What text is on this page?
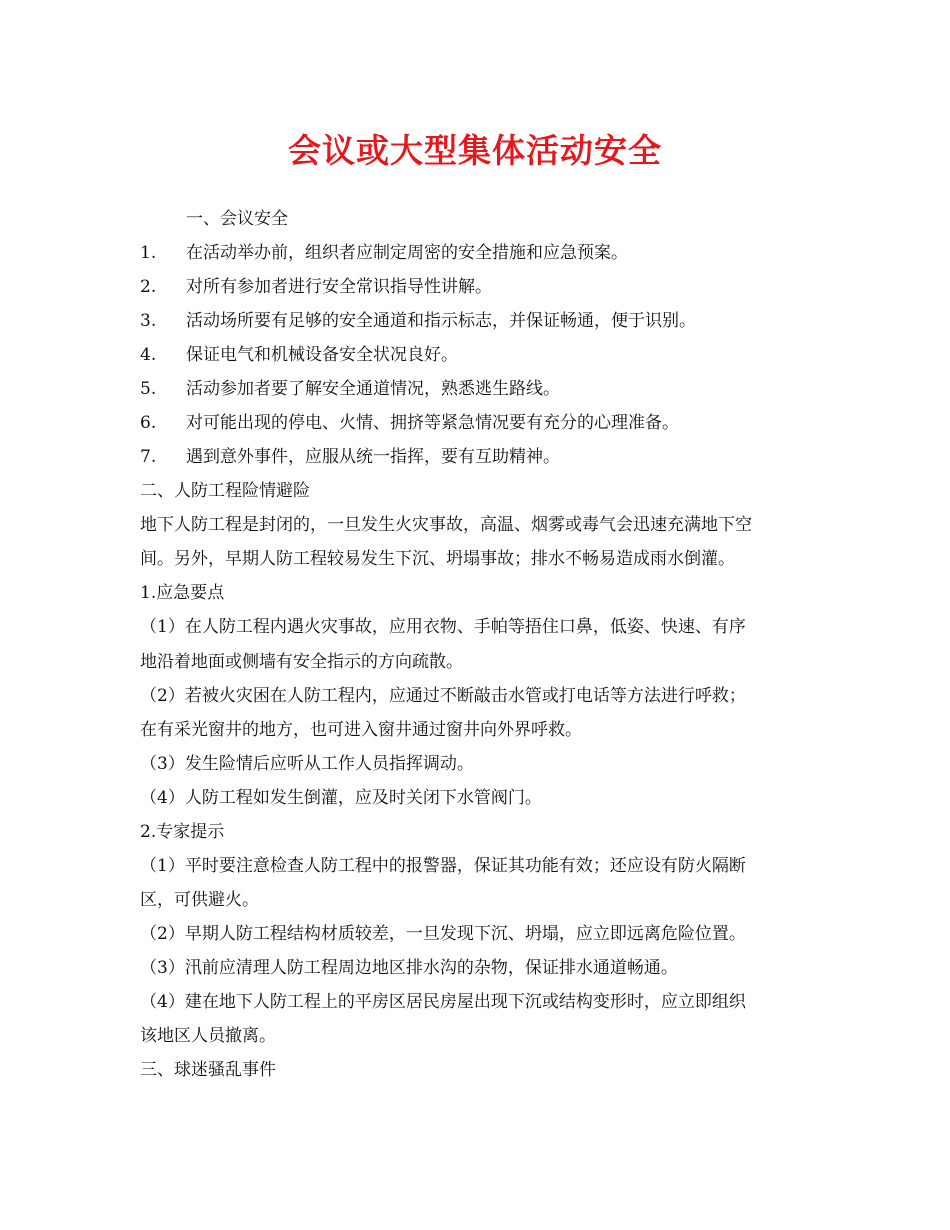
会议或大型集体活动安全
一、会议安全
1. 在活动举办前，组织者应制定周密的安全措施和应急预案。
2. 对所有参加者进行安全常识指导性讲解。
3. 活动场所要有足够的安全通道和指示标志，并保证畅通，便于识别。
4. 保证电气和机械设备安全状况良好。
5. 活动参加者要了解安全通道情况，熟悉逃生路线。
6. 对可能出现的停电、火情、拥挤等紧急情况要有充分的心理准备。
7. 遇到意外事件，应服从统一指挥，要有互助精神。
二、人防工程险情避险
地下人防工程是封闭的，一旦发生火灾事故，高温、烟雾或毒气会迅速充满地下空
间。另外，早期人防工程较易发生下沉、坍塌事故；排水不畅易造成雨水倒灌。
1.应急要点
（1）在人防工程内遇火灾事故，应用衣物、手帕等捂住口鼻，低姿、快速、有序
地沿着地面或侧墙有安全指示的方向疏散。
（2）若被火灾困在人防工程内，应通过不断敲击水管或打电话等方法进行呼救；
在有采光窗井的地方，也可进入窗井通过窗井向外界呼救。
（3）发生险情后应听从工作人员指挥调动。
（4）人防工程如发生倒灌，应及时关闭下水管阀门。
2.专家提示
（1）平时要注意检查人防工程中的报警器，保证其功能有效；还应设有防火隔断
区，可供避火。
（2）早期人防工程结构材质较差，一旦发现下沉、坍塌，应立即远离危险位置。
（3）汛前应清理人防工程周边地区排水沟的杂物，保证排水通道畅通。
（4）建在地下人防工程上的平房区居民房屋出现下沉或结构变形时，应立即组织
该地区人员撤离。
三、球迷骚乱事件
